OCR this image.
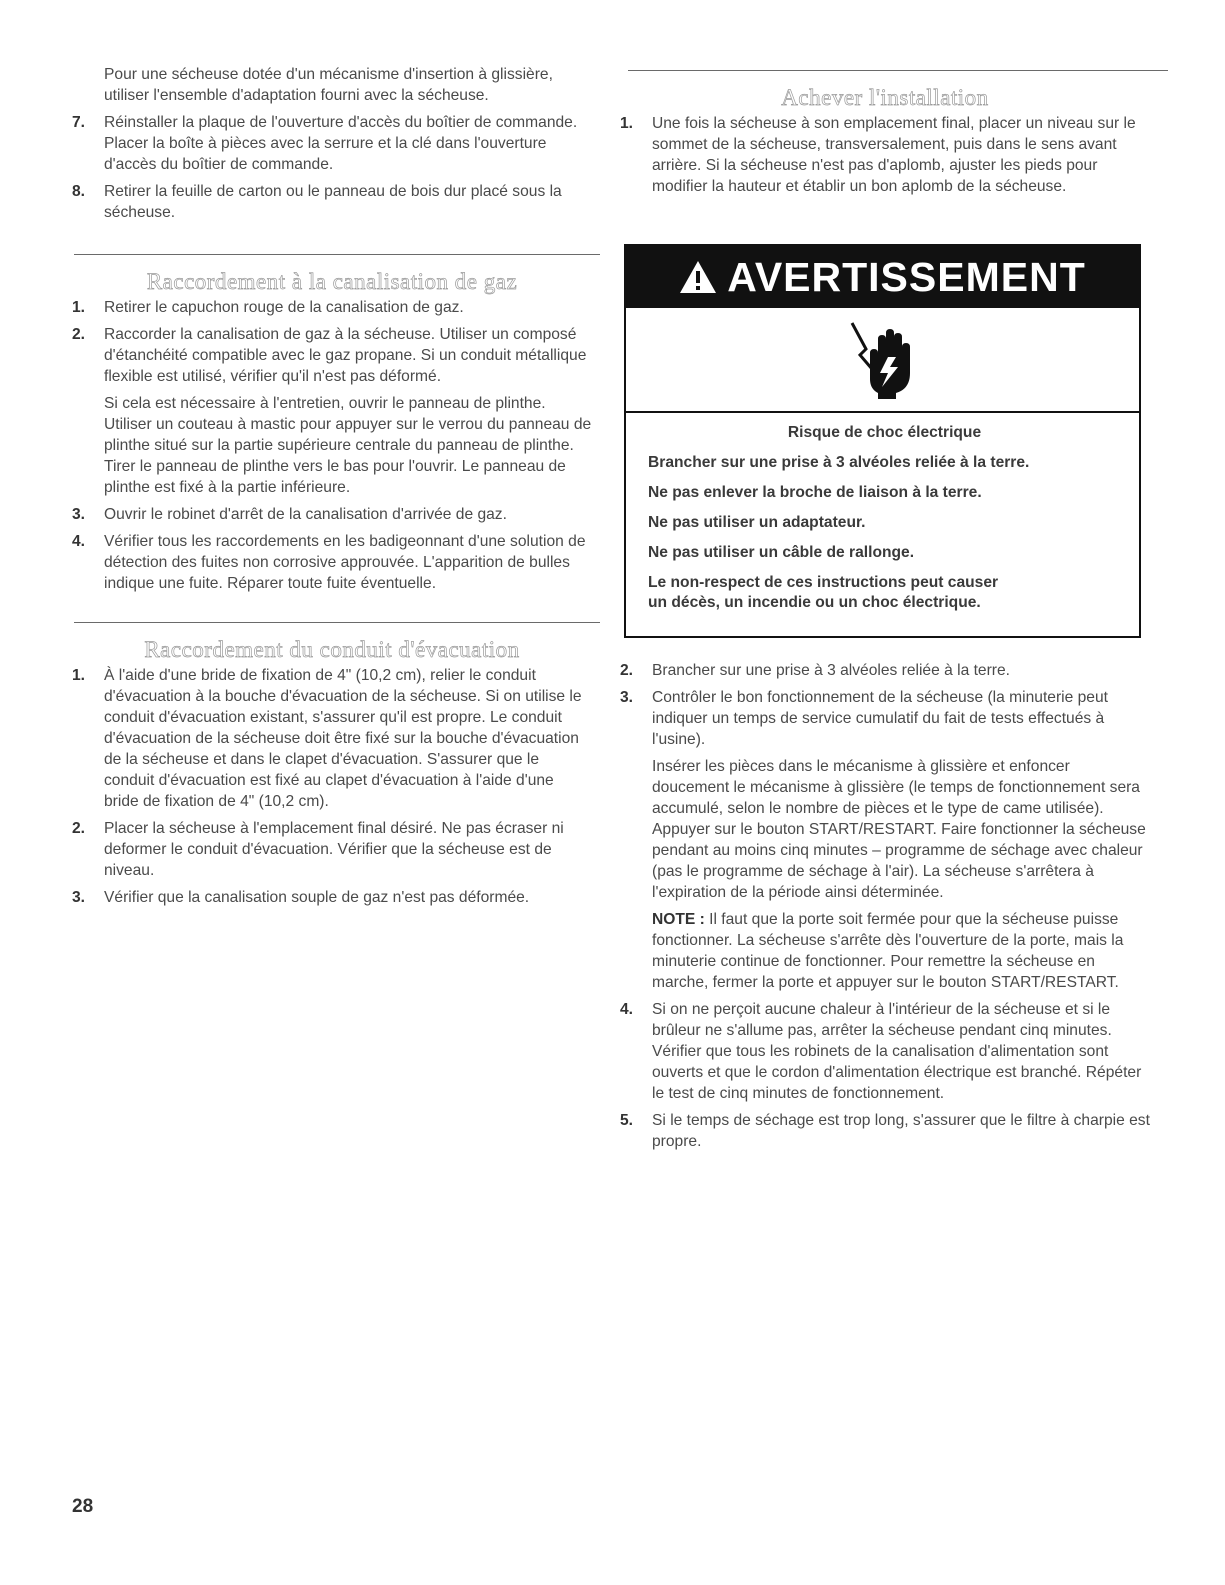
Pour une sécheuse dotée d'un mécanisme d'insertion à glissière, utiliser l'ensemble d'adaptation fourni avec la sécheuse.

7. Réinstaller la plaque de l'ouverture d'accès du boîtier de commande. Placer la boîte à pièces avec la serrure et la clé dans l'ouverture d'accès du boîtier de commande.
8. Retirer la feuille de carton ou le panneau de bois dur placé sous la sécheuse.
Raccordement à la canalisation de gaz
1. Retirer le capuchon rouge de la canalisation de gaz.
2. Raccorder la canalisation de gaz à la sécheuse. Utiliser un composé d'étanchéité compatible avec le gaz propane. Si un conduit métallique flexible est utilisé, vérifier qu'il n'est pas déformé.

Si cela est nécessaire à l'entretien, ouvrir le panneau de plinthe. Utiliser un couteau à mastic pour appuyer sur le verrou du panneau de plinthe situé sur la partie supérieure centrale du panneau de plinthe. Tirer le panneau de plinthe vers le bas pour l'ouvrir. Le panneau de plinthe est fixé à la partie inférieure.

3. Ouvrir le robinet d'arrêt de la canalisation d'arrivée de gaz.
4. Vérifier tous les raccordements en les badigeonnant d'une solution de détection des fuites non corrosive approuvée. L'apparition de bulles indique une fuite. Réparer toute fuite éventuelle.
Raccordement du conduit d'évacuation
1. À l'aide d'une bride de fixation de 4" (10,2 cm), relier le conduit d'évacuation à la bouche d'évacuation de la sécheuse. Si on utilise le conduit d'évacuation existant, s'assurer qu'il est propre. Le conduit d'évacuation de la sécheuse doit être fixé sur la bouche d'évacuation de la sécheuse et dans le clapet d'évacuation. S'assurer que le conduit d'évacuation est fixé au clapet d'évacuation à l'aide d'une bride de fixation de 4" (10,2 cm).
2. Placer la sécheuse à l'emplacement final désiré. Ne pas écraser ni deformer le conduit d'évacuation. Vérifier que la sécheuse est de niveau.
3. Vérifier que la canalisation souple de gaz n'est pas déformée.
Achever l'installation
1. Une fois la sécheuse à son emplacement final, placer un niveau sur le sommet de la sécheuse, transversalement, puis dans le sens avant arrière. Si la sécheuse n'est pas d'aplomb, ajuster les pieds pour modifier la hauteur et établir un bon aplomb de la sécheuse.
AVERTISSEMENT

Risque de choc électrique

Brancher sur une prise à 3 alvéoles reliée à la terre.

Ne pas enlever la broche de liaison à la terre.

Ne pas utiliser un adaptateur.

Ne pas utiliser un câble de rallonge.

Le non-respect de ces instructions peut causer

un décès, un incendie ou un choc électrique.

2. Brancher sur une prise à 3 alvéoles reliée à la terre.
3. Contrôler le bon fonctionnement de la sécheuse (la minuterie peut indiquer un temps de service cumulatif du fait de tests effectués à l'usine).

Insérer les pièces dans le mécanisme à glissière et enfoncer doucement le mécanisme à glissière (le temps de fonctionnement sera accumulé, selon le nombre de pièces et le type de came utilisée). Appuyer sur le bouton START/RESTART. Faire fonctionner la sécheuse pendant au moins cinq minutes – programme de séchage avec chaleur (pas le programme de séchage à l'air). La sécheuse s'arrêtera à l'expiration de la période ainsi déterminée.

NOTE : Il faut que la porte soit fermée pour que la sécheuse puisse fonctionner. La sécheuse s'arrête dès l'ouverture de la porte, mais la minuterie continue de fonctionner. Pour remettre la sécheuse en marche, fermer la porte et appuyer sur le bouton START/RESTART.

4. Si on ne perçoit aucune chaleur à l'intérieur de la sécheuse et si le brûleur ne s'allume pas, arrêter la sécheuse pendant cinq minutes. Vérifier que tous les robinets de la canalisation d'alimentation sont ouverts et que le cordon d'alimentation électrique est branché. Répéter le test de cinq minutes de fonctionnement.
5. Si le temps de séchage est trop long, s'assurer que le filtre à charpie est propre.
28
